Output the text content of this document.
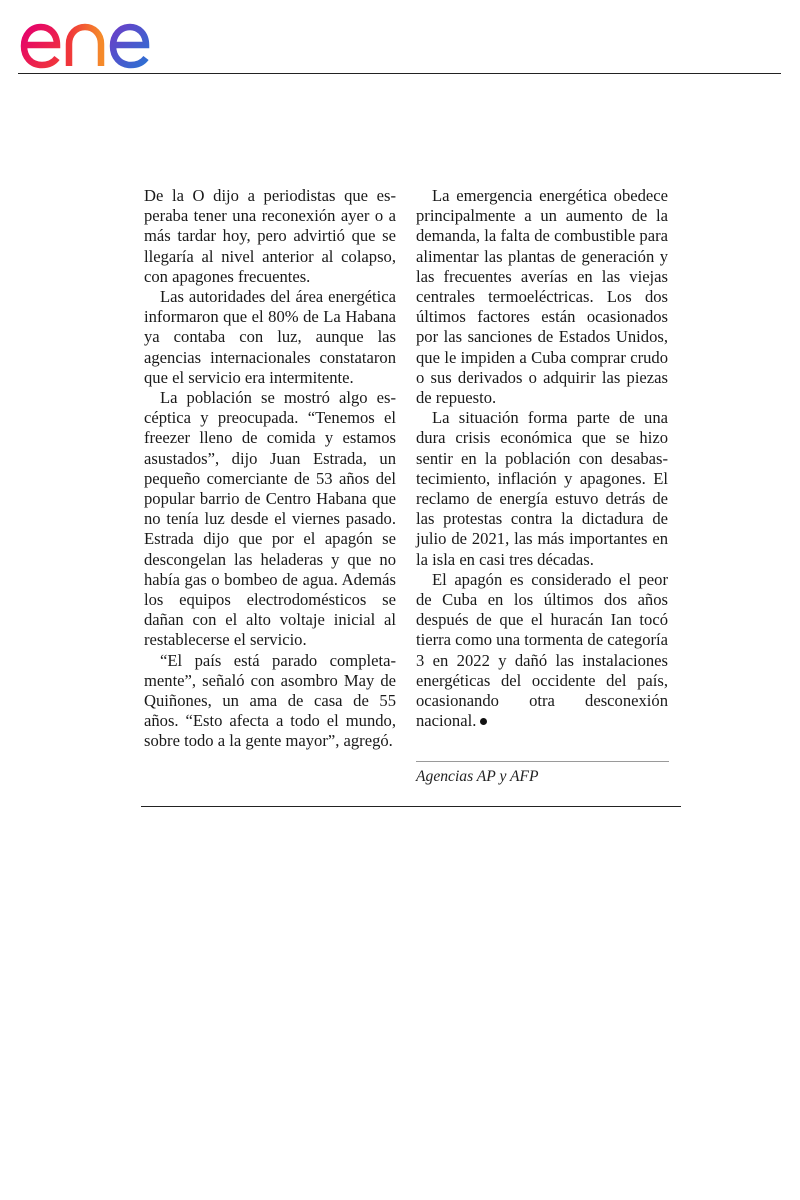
De la O dijo a periodistas que esperaba tener una reconexión ayer o a más tardar hoy, pero advirtió que se llegaría al nivel anterior al colapso, con apagones frecuentes.

Las autoridades del área energética informaron que el 80% de La Habana ya contaba con luz, aunque las agencias internacionales constataron que el servicio era intermitente.

La población se mostró algo escéptica y preocupada. “Tenemos el freezer lleno de comida y estamos asustados”, dijo Juan Estrada, un pequeño comerciante de 53 años del popular barrio de Centro Habana que no tenía luz desde el viernes pasado. Estrada dijo que por el apagón se descongelan las heladeras y que no había gas o bombeo de agua. Además los equipos electrodomésticos se dañan con el alto voltaje inicial al restablecerse el servicio.

“El país está parado completamente”, señaló con asombro May de Quiñones, un ama de casa de 55 años. “Esto afecta a todo el mundo, sobre todo a la gente mayor”, agregó.

La emergencia energética obedece principalmente a un aumento de la demanda, la falta de combustible para alimentar las plantas de generación y las frecuentes averías en las viejas centrales termoeléctricas. Los dos últimos factores están ocasionados por las sanciones de Estados Unidos, que le impiden a Cuba comprar crudo o sus derivados o adquirir las piezas de repuesto.

La situación forma parte de una dura crisis económica que se hizo sentir en la población con desabastecimiento, inflación y apagones. El reclamo de energía estuvo detrás de las protestas contra la dictadura de julio de 2021, las más importantes en la isla en casi tres décadas.

El apagón es considerado el peor de Cuba en los últimos dos años después de que el huracán Ian tocó tierra como una tormenta de categoría 3 en 2022 y dañó las instalaciones energéticas del occidente del país, ocasionando otra desconexión nacional.

Agencias AP y AFP
